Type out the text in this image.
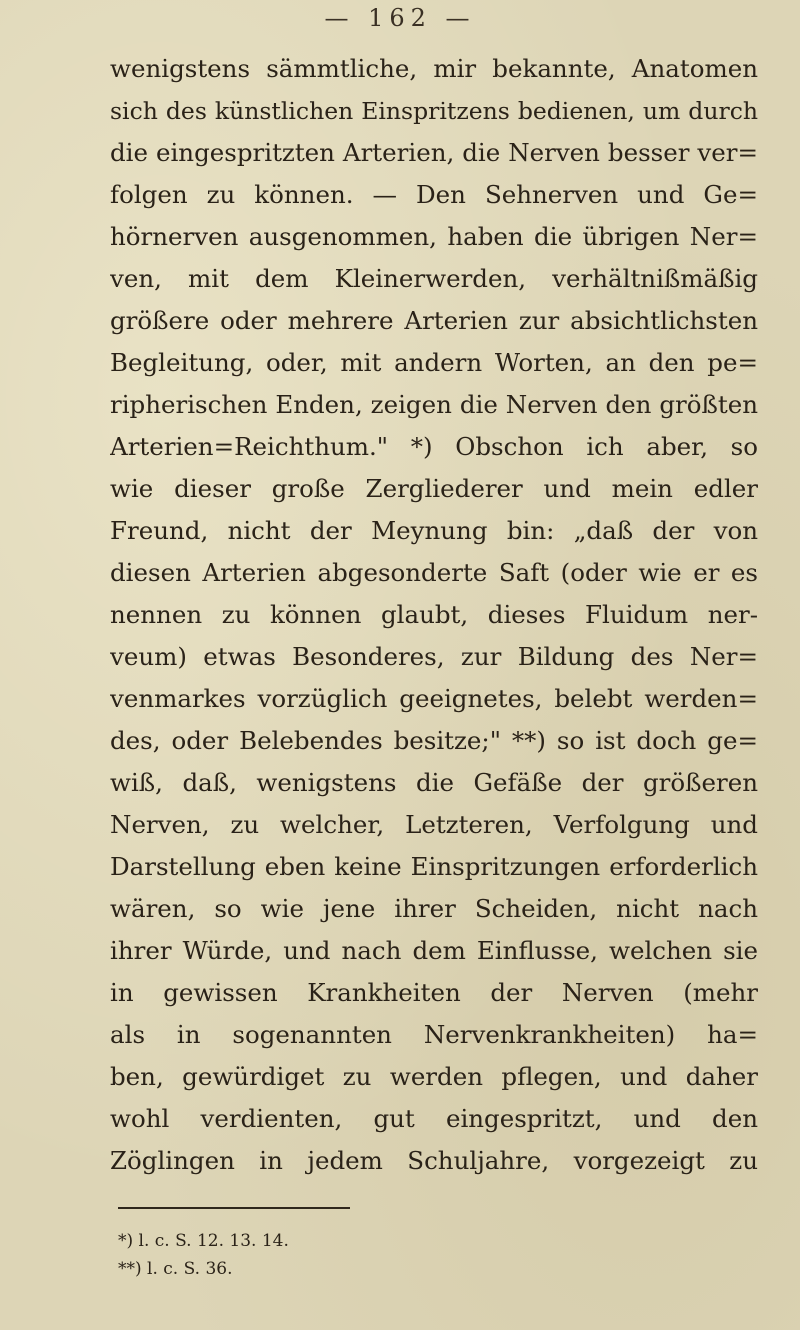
— 162 —
wenigstens sämmtliche, mir bekannte, Anatomen
sich des künstlichen Einspritzens bedienen, um durch
die eingespritzten Arterien, die Nerven besser ver=
folgen zu können. — Den Sehnerven und Ge=
hörnerven ausgenommen, haben die übrigen Ner=
ven, mit dem Kleinerwerden, verhältnißmäßig
größere oder mehrere Arterien zur absichtlichsten
Begleitung, oder, mit andern Worten, an den pe=
ripherischen Enden, zeigen die Nerven den größten
Arterien=Reichthum." *) Obschon ich aber, so
wie dieser große Zergliederer und mein edler
Freund, nicht der Meynung bin: „daß der von
diesen Arterien abgesonderte Saft (oder wie er es
nennen zu können glaubt, dieses Fluidum ner-
veum) etwas Besonderes, zur Bildung des Ner=
venmarkes vorzüglich geeignetes, belebt werden=
des, oder Belebendes besitze;" **) so ist doch ge=
wiß, daß, wenigstens die Gefäße der größeren
Nerven, zu welcher, Letzteren, Verfolgung und
Darstellung eben keine Einspritzungen erforderlich
wären, so wie jene ihrer Scheiden, nicht nach
ihrer Würde, und nach dem Einflusse, welchen sie
in gewissen Krankheiten der Nerven (mehr
als in sogenannten Nervenkrankheiten) ha=
ben, gewürdiget zu werden pflegen, und daher
wohl verdienten, gut eingespritzt, und den
Zöglingen in jedem Schuljahre, vorgezeigt zu
*) l. c. S. 12. 13. 14.
**) l. c. S. 36.
